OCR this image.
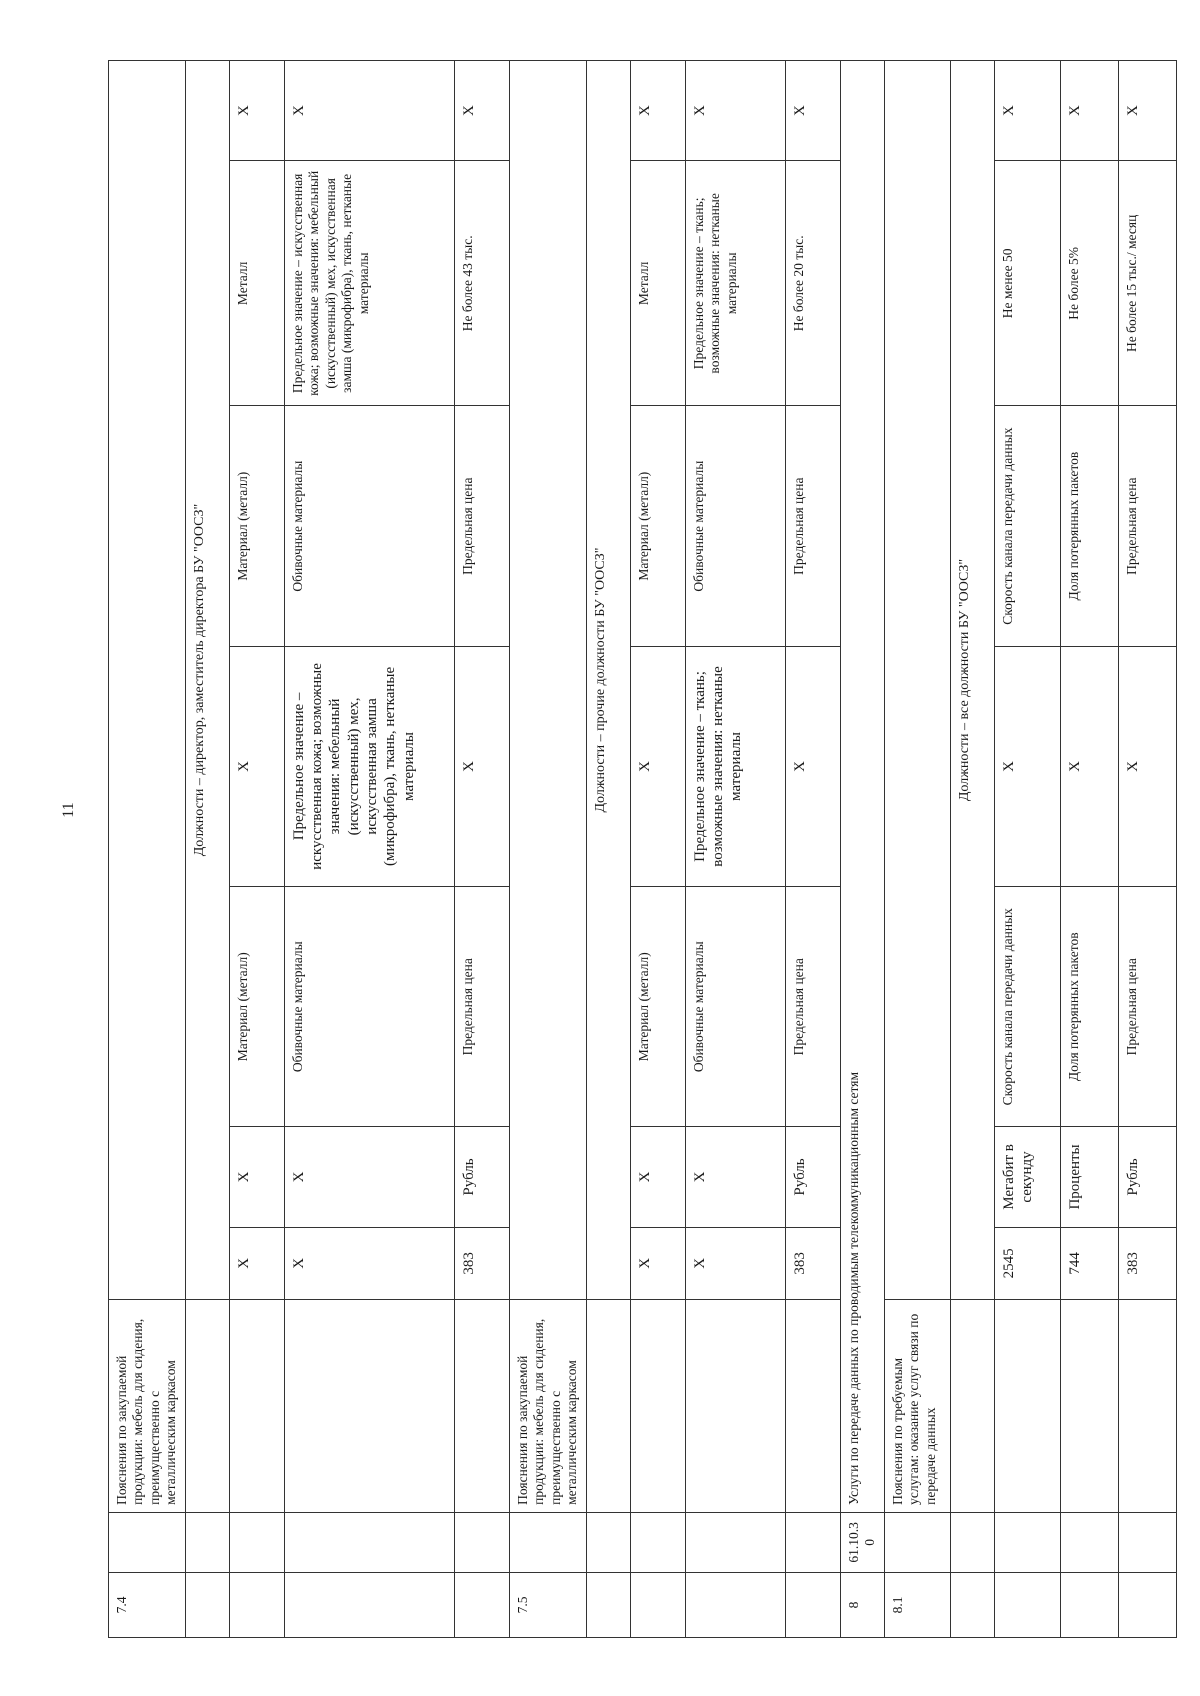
11
7.4		Пояснения по закупаемой продукции: мебель для сидения, преимущественно с металлическим каркасом							
			Должности – директор, заместитель директора БУ "ООСЗ"						
			X	X	Материал (металл)	X	Материал (металл)	Металл	X
			X	X	Обивочные материалы	Предельное значение – искусственная кожа; возможные значения: мебельный (искусственный) мех, искусственная замша (микрофибра), ткань, нетканые материалы	Обивочные материалы	Предельное значение – искусственная кожа; возможные значения: мебельный (искусственный) мех, искусственная замша (микрофибра), ткань, нетканые материалы	X
			383	Рубль	Предельная цена	X	Предельная цена	Не более 43 тыс.	X
7.5		Пояснения по закупаемой продукции: мебель для сидения, преимущественно с металлическим каркасом							
			Должности – прочие должности БУ "ООСЗ"						
			X	X	Материал (металл)	X	Материал (металл)	Металл	X
			X	X	Обивочные материалы	Предельное значение – ткань; возможные значения: нетканые материалы	Обивочные материалы	Предельное значение – ткань; возможные значения: нетканые материалы	X
			383	Рубль	Предельная цена	X	Предельная цена	Не более 20 тыс.	X
8	61.10.30	Услуги по передаче данных по проводимым телекоммуникационным сетям							
8.1		Пояснения по требуемым услугам: оказание услуг связи по передаче данных							
			Должности – все должности БУ "ООСЗ"						
			2545	Мегабит в секунду	Скорость канала передачи данных	X	Скорость канала передачи данных	Не менее 50	X
			744	Проценты	Доля потерянных пакетов	X	Доля потерянных пакетов	Не более 5%	X
			383	Рубль	Предельная цена	X	Предельная цена	Не более 15 тыс./ месяц	X
